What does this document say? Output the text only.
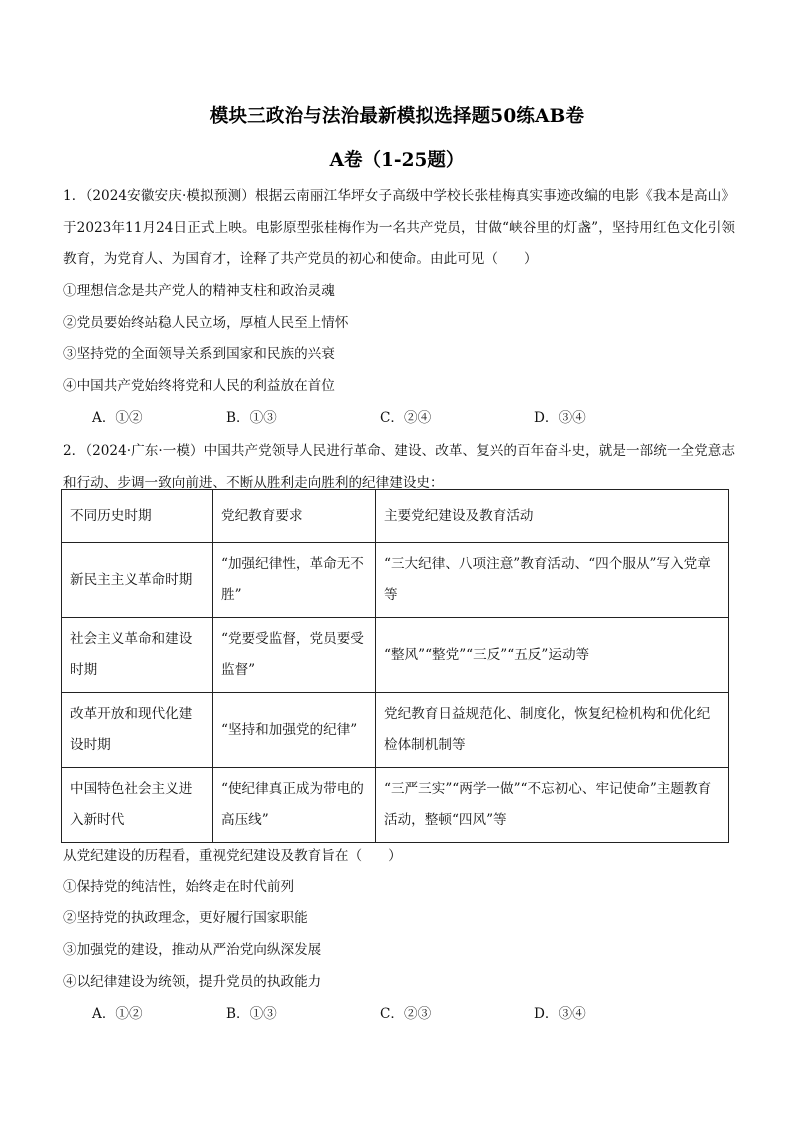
模块三政治与法治最新模拟选择题50练AB卷
A卷（1-25题）

1．（2024安徽安庆·模拟预测）根据云南丽江华坪女子高级中学校长张桂梅真实事迹改编的电影《我本是高山》于2023年11月24日正式上映。电影原型张桂梅作为一名共产党员，甘做“峡谷里的灯盏”，坚持用红色文化引领教育，为党育人、为国育才，诠释了共产党员的初心和使命。由此可见（ ）

①理想信念是共产党人的精神支柱和政治灵魂
②党员要始终站稳人民立场，厚植人民至上情怀
③坚持党的全面领导关系到国家和民族的兴衰
④中国共产党始终将党和人民的利益放在首位
A．①②	B．①③	C．②④	D．③④

2．（2024·广东·一模）中国共产党领导人民进行革命、建设、改革、复兴的百年奋斗史，就是一部统一全党意志和行动、步调一致向前进、不断从胜利走向胜利的纪律建设史：

不同历史时期	党纪教育要求	主要党纪建设及教育活动
新民主主义革命时期	“加强纪律性，革命无不胜”	“三大纪律、八项注意”教育活动、“四个服从”写入党章等
社会主义革命和建设时期	“党要受监督，党员要受监督”	“整风”“整党”“三反”“五反”运动等
改革开放和现代化建设时期	“坚持和加强党的纪律”	党纪教育日益规范化、制度化，恢复纪检机构和优化纪检体制机制等
中国特色社会主义进入新时代	“使纪律真正成为带电的高压线”	“三严三实”“两学一做”“不忘初心、牢记使命”主题教育活动，整顿“四风”等
从党纪建设的历程看，重视党纪建设及教育旨在（ ）
①保持党的纯洁性，始终走在时代前列
②坚持党的执政理念，更好履行国家职能
③加强党的建设，推动从严治党向纵深发展
④以纪律建设为统领，提升党员的执政能力
A．①②	B．①③	C．②③	D．③④
